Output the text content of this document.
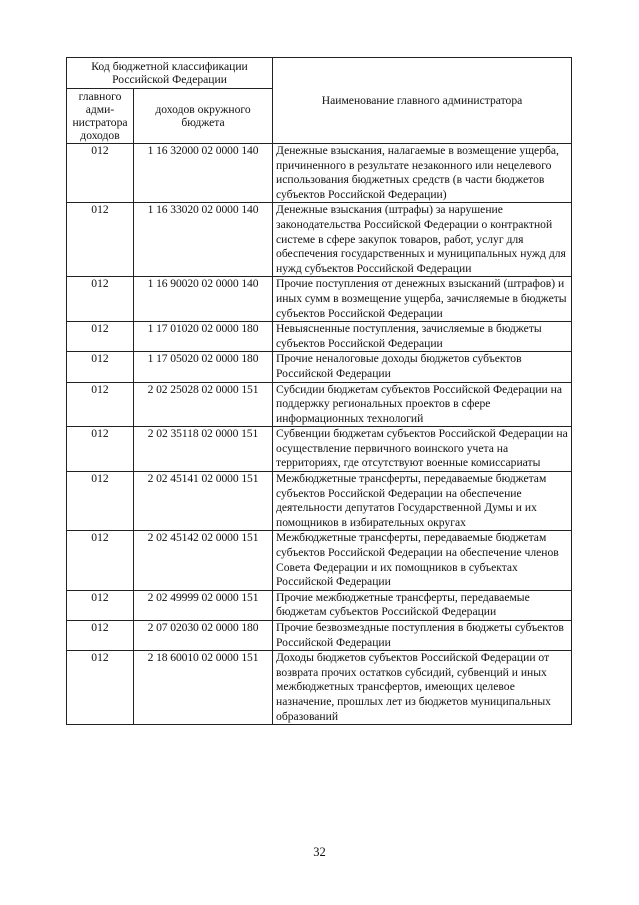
Код бюджетной классификации Российской Федерации		Наименование главного администратора
главного адми-нистратора доходов	доходов окружного бюджета	
012	1 16 32000 02 0000 140	Денежные взыскания, налагаемые в возмещение ущерба, причиненного в результате незаконного или нецелевого использования бюджетных средств (в части бюджетов субъектов Российской Федерации)
012	1 16 33020 02 0000 140	Денежные взыскания (штрафы) за нарушение законодательства Российской Федерации о контрактной системе в сфере закупок товаров, работ, услуг для обеспечения государственных и муниципальных нужд для нужд субъектов Российской Федерации
012	1 16 90020 02 0000 140	Прочие поступления от денежных взысканий (штрафов) и иных сумм в возмещение ущерба, зачисляемые в бюджеты субъектов Российской Федерации
012	1 17 01020 02 0000 180	Невыясненные поступления, зачисляемые в бюджеты субъектов Российской Федерации
012	1 17 05020 02 0000 180	Прочие неналоговые доходы бюджетов субъектов Российской Федерации
012	2 02 25028 02 0000 151	Субсидии бюджетам субъектов Российской Федерации на поддержку региональных проектов в сфере информационных технологий
012	2 02 35118 02 0000 151	Субвенции бюджетам субъектов Российской Федерации на осуществление первичного воинского учета на территориях, где отсутствуют военные комиссариаты
012	2 02 45141 02 0000 151	Межбюджетные трансферты, передаваемые бюджетам субъектов Российской Федерации на обеспечение деятельности депутатов Государственной Думы и их помощников в избирательных округах
012	2 02 45142 02 0000 151	Межбюджетные трансферты, передаваемые бюджетам субъектов Российской Федерации на обеспечение членов Совета Федерации и их помощников в субъектах Российской Федерации
012	2 02 49999 02 0000 151	Прочие межбюджетные трансферты, передаваемые бюджетам субъектов Российской Федерации
012	2 07 02030 02 0000 180	Прочие безвозмездные поступления в бюджеты субъектов Российской Федерации
012	2 18 60010 02 0000 151	Доходы бюджетов субъектов Российской Федерации от возврата прочих остатков субсидий, субвенций и иных межбюджетных трансфертов, имеющих целевое назначение, прошлых лет из бюджетов муниципальных образований
32
